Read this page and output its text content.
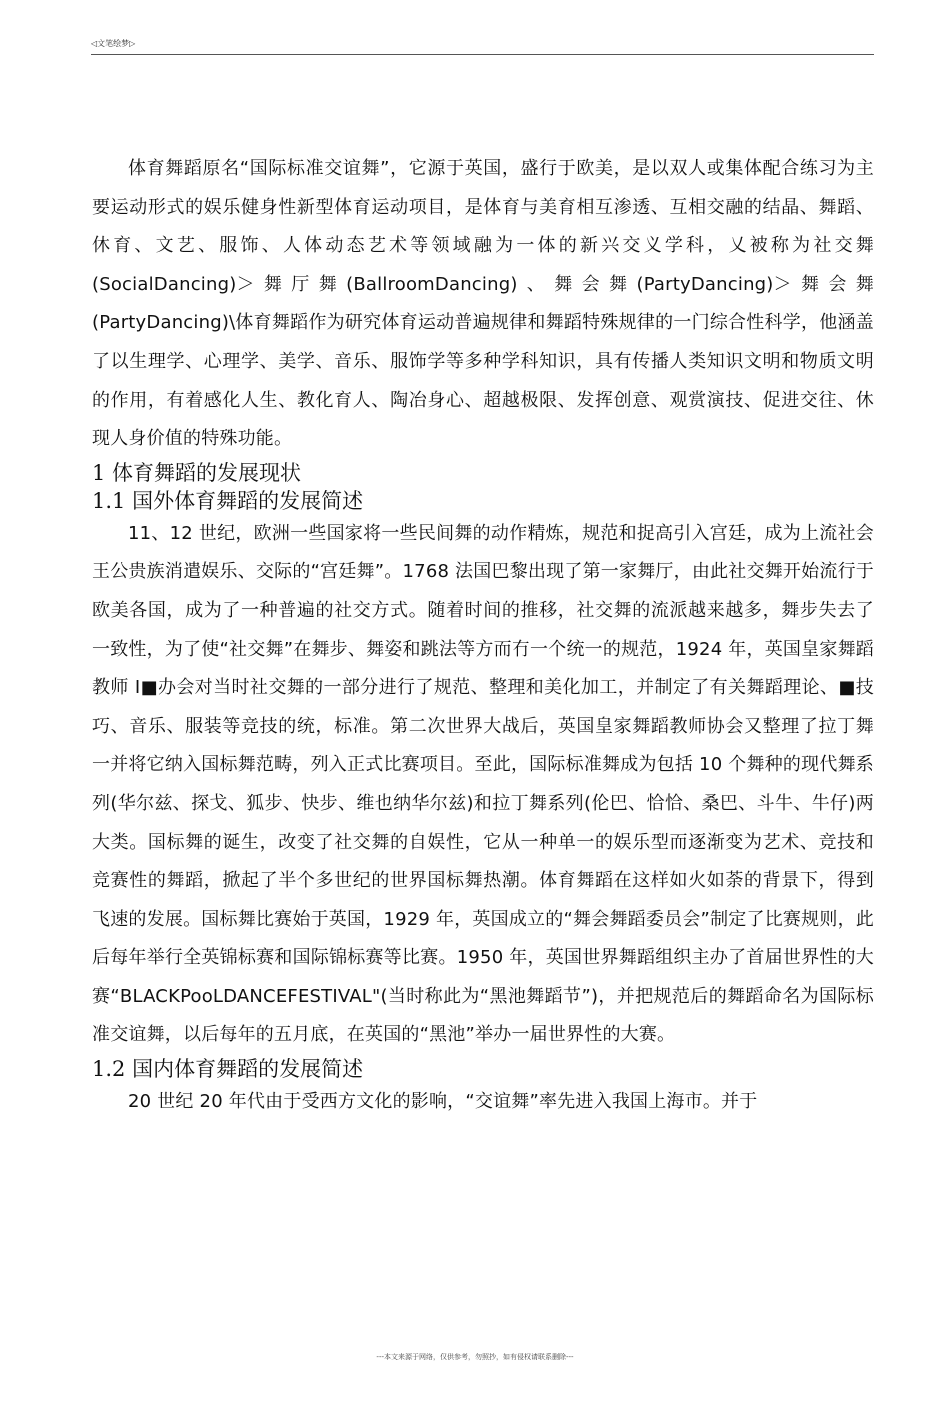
◁文笔绘梦▷

体育舞蹈原名“国际标准交谊舞”，它源于英国，盛行于欧美，是以双人或集体配合练习为主要运动形式的娱乐健身性新型体育运动项目，是体育与美育相互渗透、互相交融的结晶、舞蹈、休育、文艺、服饰、人体动态艺术等领域融为一体的新兴交义学科，乂被称为社交舞(SocialDancing)＞舞厅舞(BallroomDancing)、舞会舞(PartyDancing)＞舞会舞(PartyDancing)\体育舞蹈作为研究体育运动普遍规律和舞蹈特殊规律的一门综合性科学，他涵盖了以生理学、心理学、美学、音乐、服饰学等多种学科知识，具有传播人类知识文明和物质文明的作用，有着感化人生、教化育人、陶冶身心、超越极限、发挥创意、观赏演技、促进交往、休现人身价值的特殊功能。

1 体育舞蹈的发展现状
1.1 国外体育舞蹈的发展简述

11、12 世纪，欧洲一些国家将一些民间舞的动作精炼，规范和捉高引入宫廷，成为上流社会王公贵族消遣娱乐、交际的“宫廷舞”。1768 法国巴黎出现了第一家舞厅，由此社交舞开始流行于欧美各国，成为了一种普遍的社交方式。随着时间的推移，社交舞的流派越来越多，舞步失去了一致性，为了使“社交舞”在舞步、舞姿和跳法等方而冇一个统一的规范，1924 年，英国皇家舞蹈教师 I■办会对当时社交舞的一部分进行了规范、整理和美化加工，并制定了有关舞蹈理论、■技巧、音乐、服装等竞技的统，标准。第二次世界大战后，英国皇家舞蹈教师协会又整理了拉丁舞一并将它纳入国标舞范畴，列入正式比赛项目。至此，国际标准舞成为包括 10 个舞种的现代舞系列(华尔兹、探戈、狐步、快步、维也纳华尔兹)和拉丁舞系列(伦巴、恰恰、桑巴、斗牛、牛仔)两大类。国标舞的诞生，改变了社交舞的自娱性，它从一种单一的娱乐型而逐渐变为艺术、竞技和竞赛性的舞蹈，掀起了半个多世纪的世界国标舞热潮。体育舞蹈在这样如火如荼的背景下，得到飞速的发展。国标舞比赛始于英国，1929 年，英国成立的“舞会舞蹈委员会”制定了比赛规则，此后每年举行全英锦标赛和国际锦标赛等比赛。1950 年，英国世界舞蹈组织主办了首届世界性的大赛“BLACKPooLDANCEFESTIVAL"(当时称此为“黑池舞蹈节”)，并把规范后的舞蹈命名为国际标准交谊舞，以后每年的五月底，在英国的“黑池”举办一届世界性的大赛。

1.2 国内体育舞蹈的发展简述

20 世纪 20 年代由于受西方文化的影响，“交谊舞”率先进入我国上海市。并于

---本文来源于网络，仅供参考，勿照抄，如有侵权请联系删除---
